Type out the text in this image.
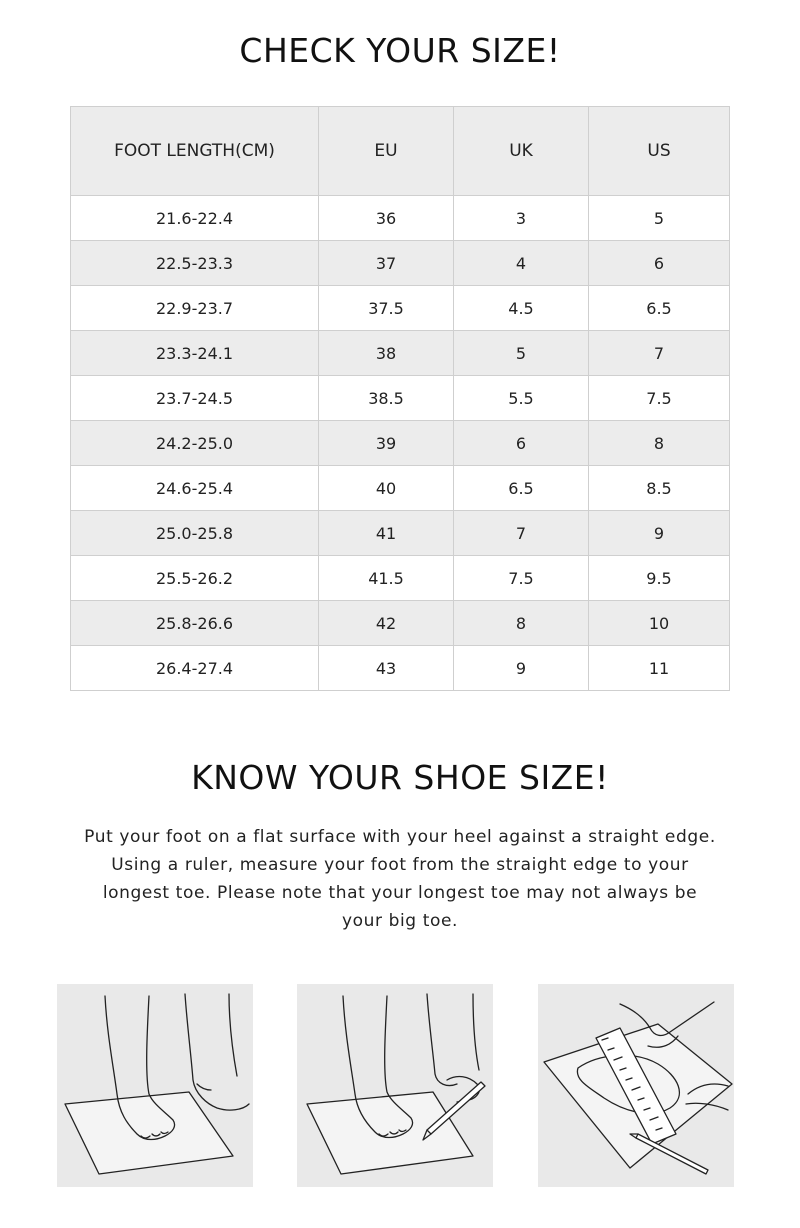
CHECK YOUR SIZE!
FOOT LENGTH(CM)	EU	UK	US
21.6-22.4	36	3	5
22.5-23.3	37	4	6
22.9-23.7	37.5	4.5	6.5
23.3-24.1	38	5	7
23.7-24.5	38.5	5.5	7.5
24.2-25.0	39	6	8
24.6-25.4	40	6.5	8.5
25.0-25.8	41	7	9
25.5-26.2	41.5	7.5	9.5
25.8-26.6	42	8	10
26.4-27.4	43	9	11
KNOW YOUR SHOE SIZE!
Put your foot on a flat surface with your heel against a straight edge. Using a ruler, measure your foot from the straight edge to your longest toe. Please note that your longest toe may not always be your big toe.
